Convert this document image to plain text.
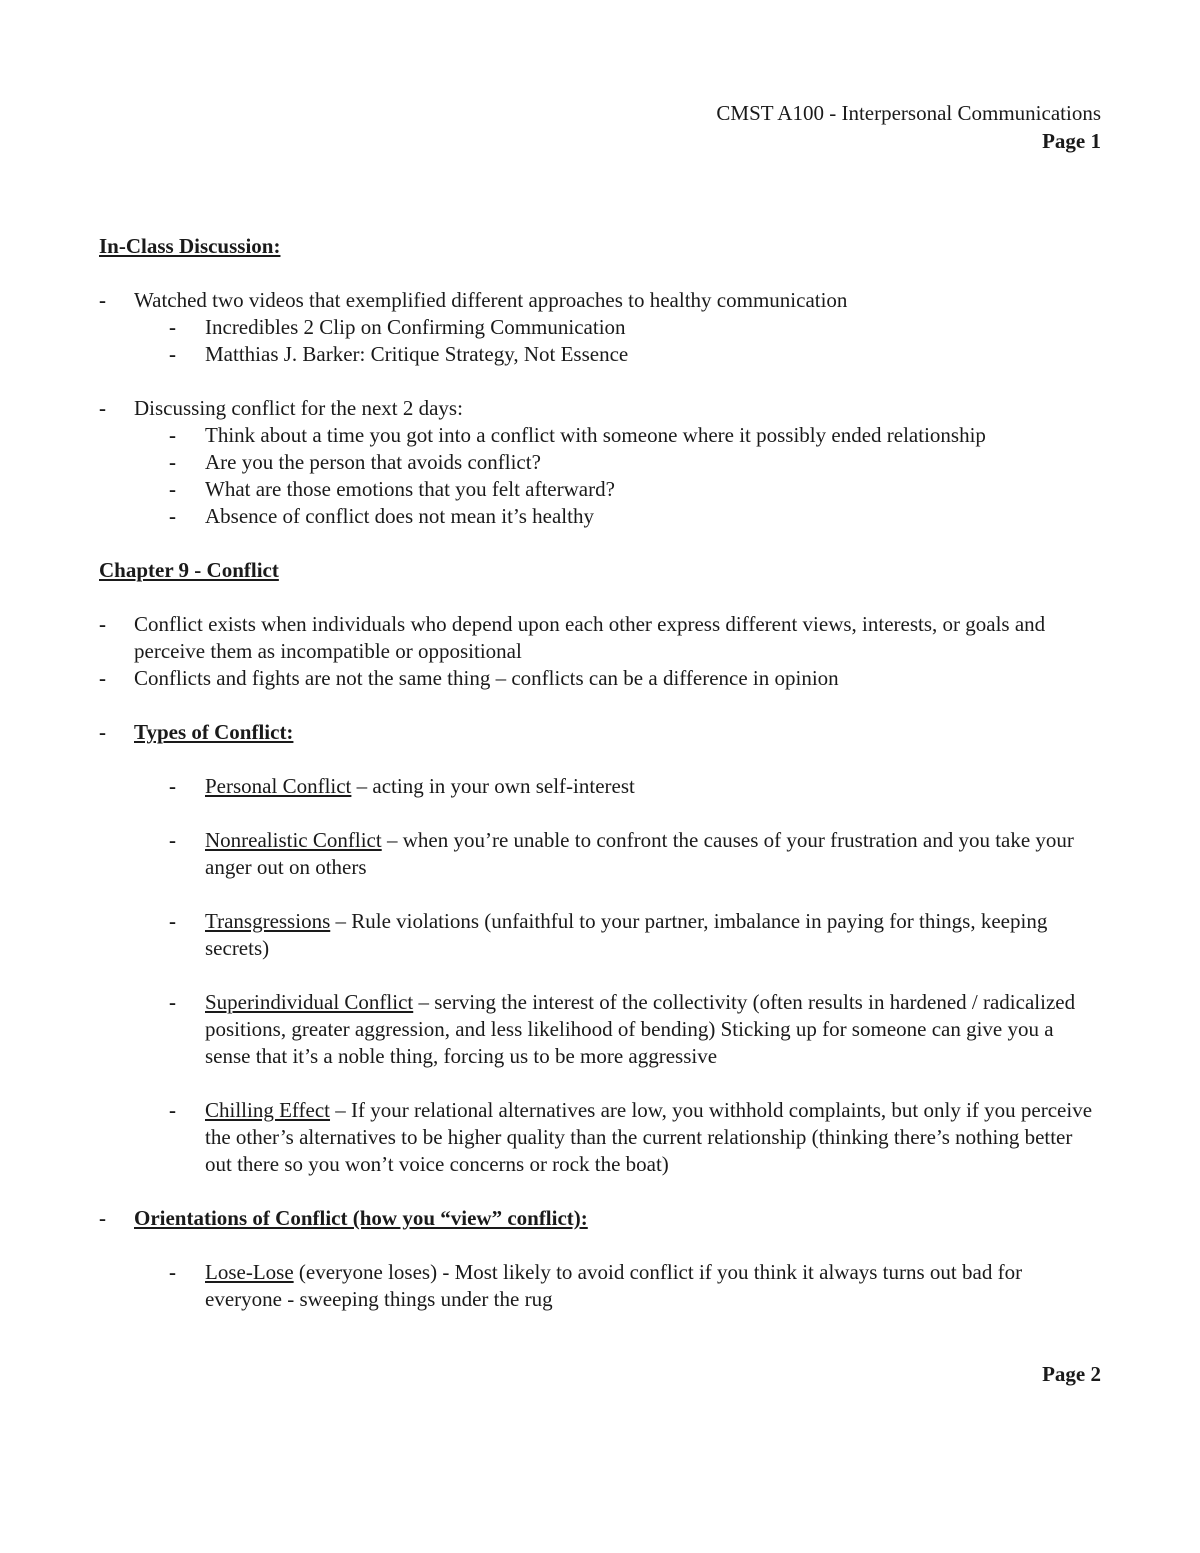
CMST A100 - Interpersonal Communications
Page 1

In-Class Discussion:

- Watched two videos that exemplified different approaches to healthy communication
- Incredibles 2 Clip on Confirming Communication
- Matthias J. Barker: Critique Strategy, Not Essence
- Discussing conflict for the next 2 days:
- Think about a time you got into a conflict with someone where it possibly ended relationship
- Are you the person that avoids conflict?
- What are those emotions that you felt afterward?
- Absence of conflict does not mean it’s healthy

Chapter 9 - Conflict

- Conflict exists when individuals who depend upon each other express different views, interests, or goals and perceive them as incompatible or oppositional
- Conflicts and fights are not the same thing – conflicts can be a difference in opinion
- Types of Conflict:
- Personal Conflict – acting in your own self-interest
- Nonrealistic Conflict – when you’re unable to confront the causes of your frustration and you take your anger out on others
- Transgressions – Rule violations (unfaithful to your partner, imbalance in paying for things, keeping secrets)
- Superindividual Conflict – serving the interest of the collectivity (often results in hardened / radicalized positions, greater aggression, and less likelihood of bending) Sticking up for someone can give you a sense that it’s a noble thing, forcing us to be more aggressive
- Chilling Effect – If your relational alternatives are low, you withhold complaints, but only if you perceive the other’s alternatives to be higher quality than the current relationship (thinking there’s nothing better out there so you won’t voice concerns or rock the boat)
- Orientations of Conflict (how you “view” conflict):
- Lose-Lose (everyone loses) - Most likely to avoid conflict if you think it always turns out bad for everyone - sweeping things under the rug
Page 2
